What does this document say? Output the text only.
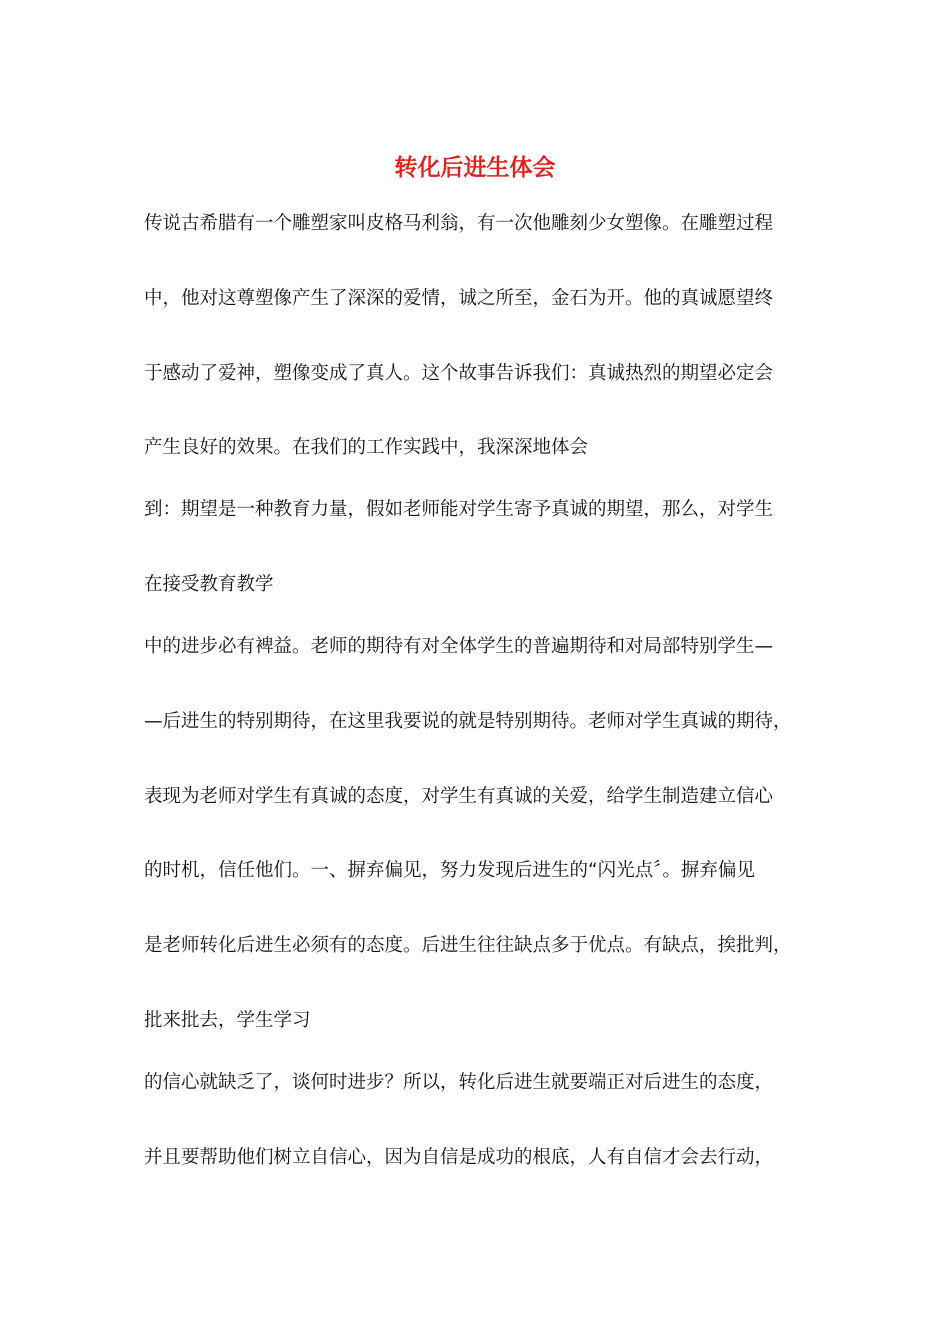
转化后进生体会

传说古希腊有一个雕塑家叫皮格马利翁，有一次他雕刻少女塑像。在雕塑过程

中，他对这尊塑像产生了深深的爱情，诚之所至，金石为开。他的真诚愿望终

于感动了爱神，塑像变成了真人。这个故事告诉我们：真诚热烈的期望必定会

产生良好的效果。在我们的工作实践中，我深深地体会

到：期望是一种教育力量，假如老师能对学生寄予真诚的期望，那么，对学生

在接受教育教学

中的进步必有裨益。老师的期待有对全体学生的普遍期待和对局部特别学生—

—后进生的特别期待，在这里我要说的就是特别期待。老师对学生真诚的期待，

表现为老师对学生有真诚的态度，对学生有真诚的关爱，给学生制造建立信心

的时机，信任他们。一、摒弃偏见，努力发现后进生的“闪光点〞。摒弃偏见

是老师转化后进生必须有的态度。后进生往往缺点多于优点。有缺点，挨批判，

批来批去，学生学习

的信心就缺乏了，谈何时进步？所以，转化后进生就要端正对后进生的态度，

并且要帮助他们树立自信心，因为自信是成功的根底，人有自信才会去行动，
